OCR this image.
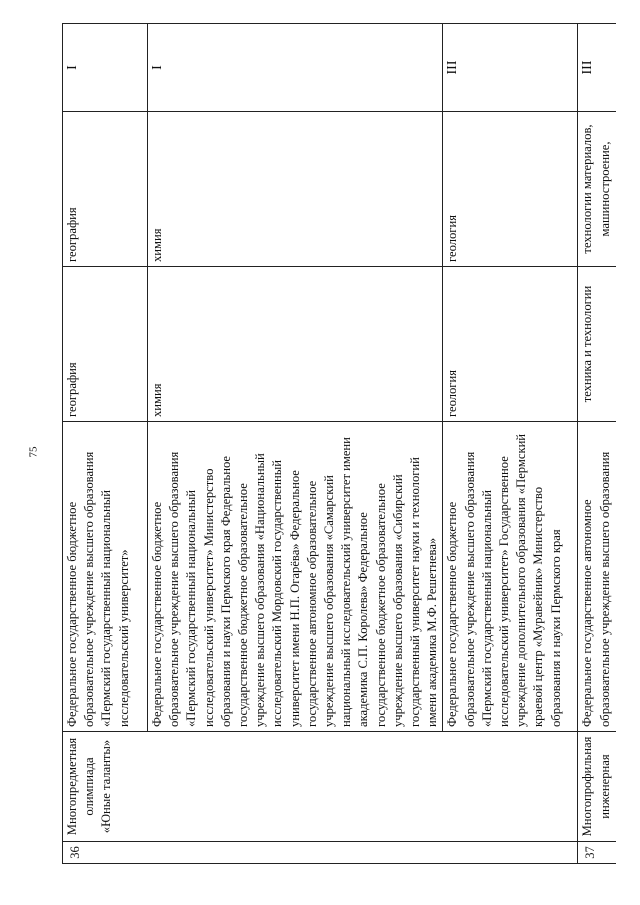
75
36	Многопредметная олимпиада «Юные таланты»	Федеральное государственное бюджетное образовательное учреждение высшего образования «Пермский государственный национальный исследовательский университет»	география	география	I
		Федеральное государственное бюджетное образовательное учреждение высшего образования «Пермский государственный национальный исследовательский университет» Министерство образования и науки Пермского края Федеральное государственное бюджетное образовательное учреждение высшего образования «Национальный исследовательский Мордовский государственный университет имени Н.П. Огарёва» Федеральное государственное автономное образовательное учреждение высшего образования «Самарский национальный исследовательский университет имени академика С.П. Королева» Федеральное государственное бюджетное образовательное учреждение высшего образования «Сибирский государственный университет науки и технологий имени академика М.Ф. Решетнева»	химия	химия	I
		Федеральное государственное бюджетное образовательное учреждение высшего образования «Пермский государственный национальный исследовательский университет» Государственное учреждение дополнительного образования «Пермский краевой центр «Муравейник» Министерство образования и науки Пермского края	геология	геология	III
37	Многопрофильная инженерная	Федеральное государственное автономное образовательное учреждение высшего образования	техника и технологии	технологии материалов, машиностроение,	III
